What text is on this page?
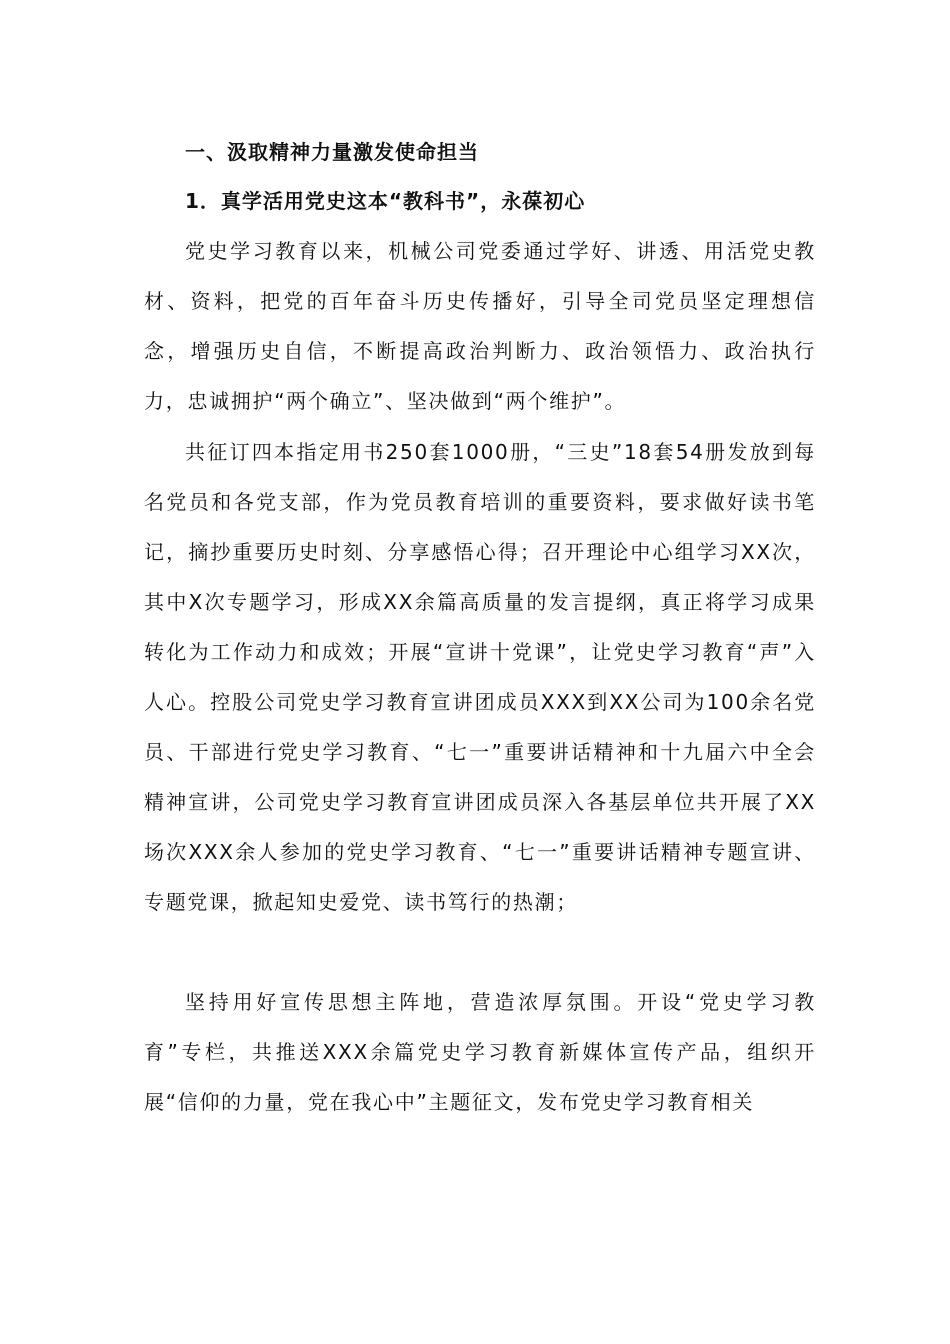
一、汲取精神力量激发使命担当
1．真学活用党史这本“教科书”，永葆初心

党史学习教育以来，机械公司党委通过学好、讲透、用活党史教材、资料，把党的百年奋斗历史传播好，引导全司党员坚定理想信念，增强历史自信，不断提高政治判断力、政治领悟力、政治执行力，忠诚拥护“两个确立”、坚决做到“两个维护”。

共征订四本指定用书250套1000册，“三史”18套54册发放到每名党员和各党支部，作为党员教育培训的重要资料，要求做好读书笔记，摘抄重要历史时刻、分享感悟心得；召开理论中心组学习XX次，其中X次专题学习，形成XX余篇高质量的发言提纲，真正将学习成果转化为工作动力和成效；开展“宣讲十党课”，让党史学习教育“声”入人心。控股公司党史学习教育宣讲团成员XXX到XX公司为100余名党员、干部进行党史学习教育、“七一”重要讲话精神和十九届六中全会精神宣讲，公司党史学习教育宣讲团成员深入各基层单位共开展了XX场次XXX余人参加的党史学习教育、“七一”重要讲话精神专题宣讲、专题党课，掀起知史爱党、读书笃行的热潮；

坚持用好宣传思想主阵地，营造浓厚氛围。开设“党史学习教育”专栏，共推送XXX余篇党史学习教育新媒体宣传产品，组织开展“信仰的力量，党在我心中”主题征文，发布党史学习教育相关
